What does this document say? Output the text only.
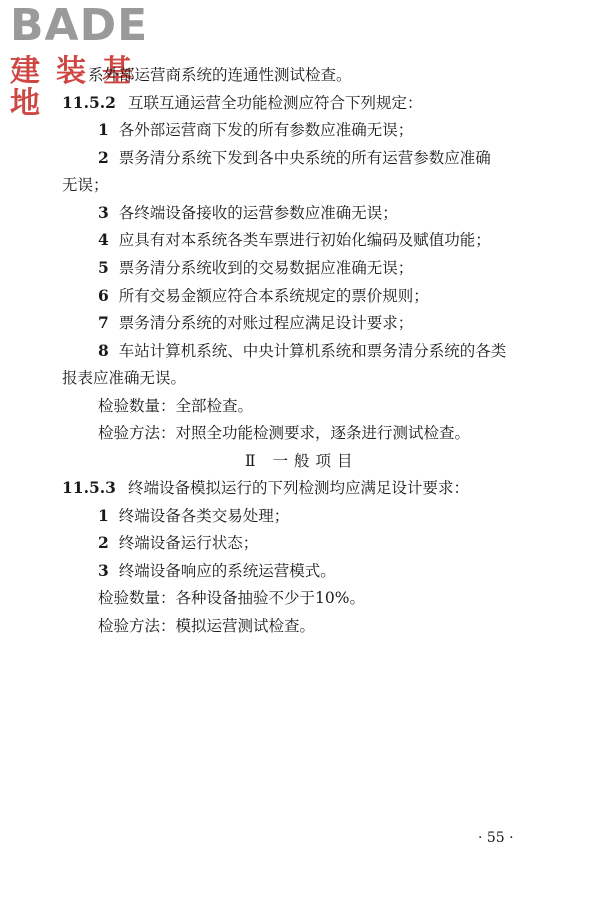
BADE
建装基地
系外部运营商系统的连通性测试检查。
11.5.2 互联互通运营全功能检测应符合下列规定：
1 各外部运营商下发的所有参数应准确无误；
2 票务清分系统下发到各中央系统的所有运营参数应准确
无误；
3 各终端设备接收的运营参数应准确无误；
4 应具有对本系统各类车票进行初始化编码及赋值功能；
5 票务清分系统收到的交易数据应准确无误；
6 所有交易金额应符合本系统规定的票价规则；
7 票务清分系统的对账过程应满足设计要求；
8 车站计算机系统、中央计算机系统和票务清分系统的各类
报表应准确无误。
检验数量：全部检查。
检验方法：对照全功能检测要求，逐条进行测试检查。
Ⅱ 一般项目
11.5.3 终端设备模拟运行的下列检测均应满足设计要求：
1 终端设备各类交易处理；
2 终端设备运行状态；
3 终端设备响应的系统运营模式。
检验数量：各种设备抽验不少于10%。
检验方法：模拟运营测试检查。
· 55 ·
